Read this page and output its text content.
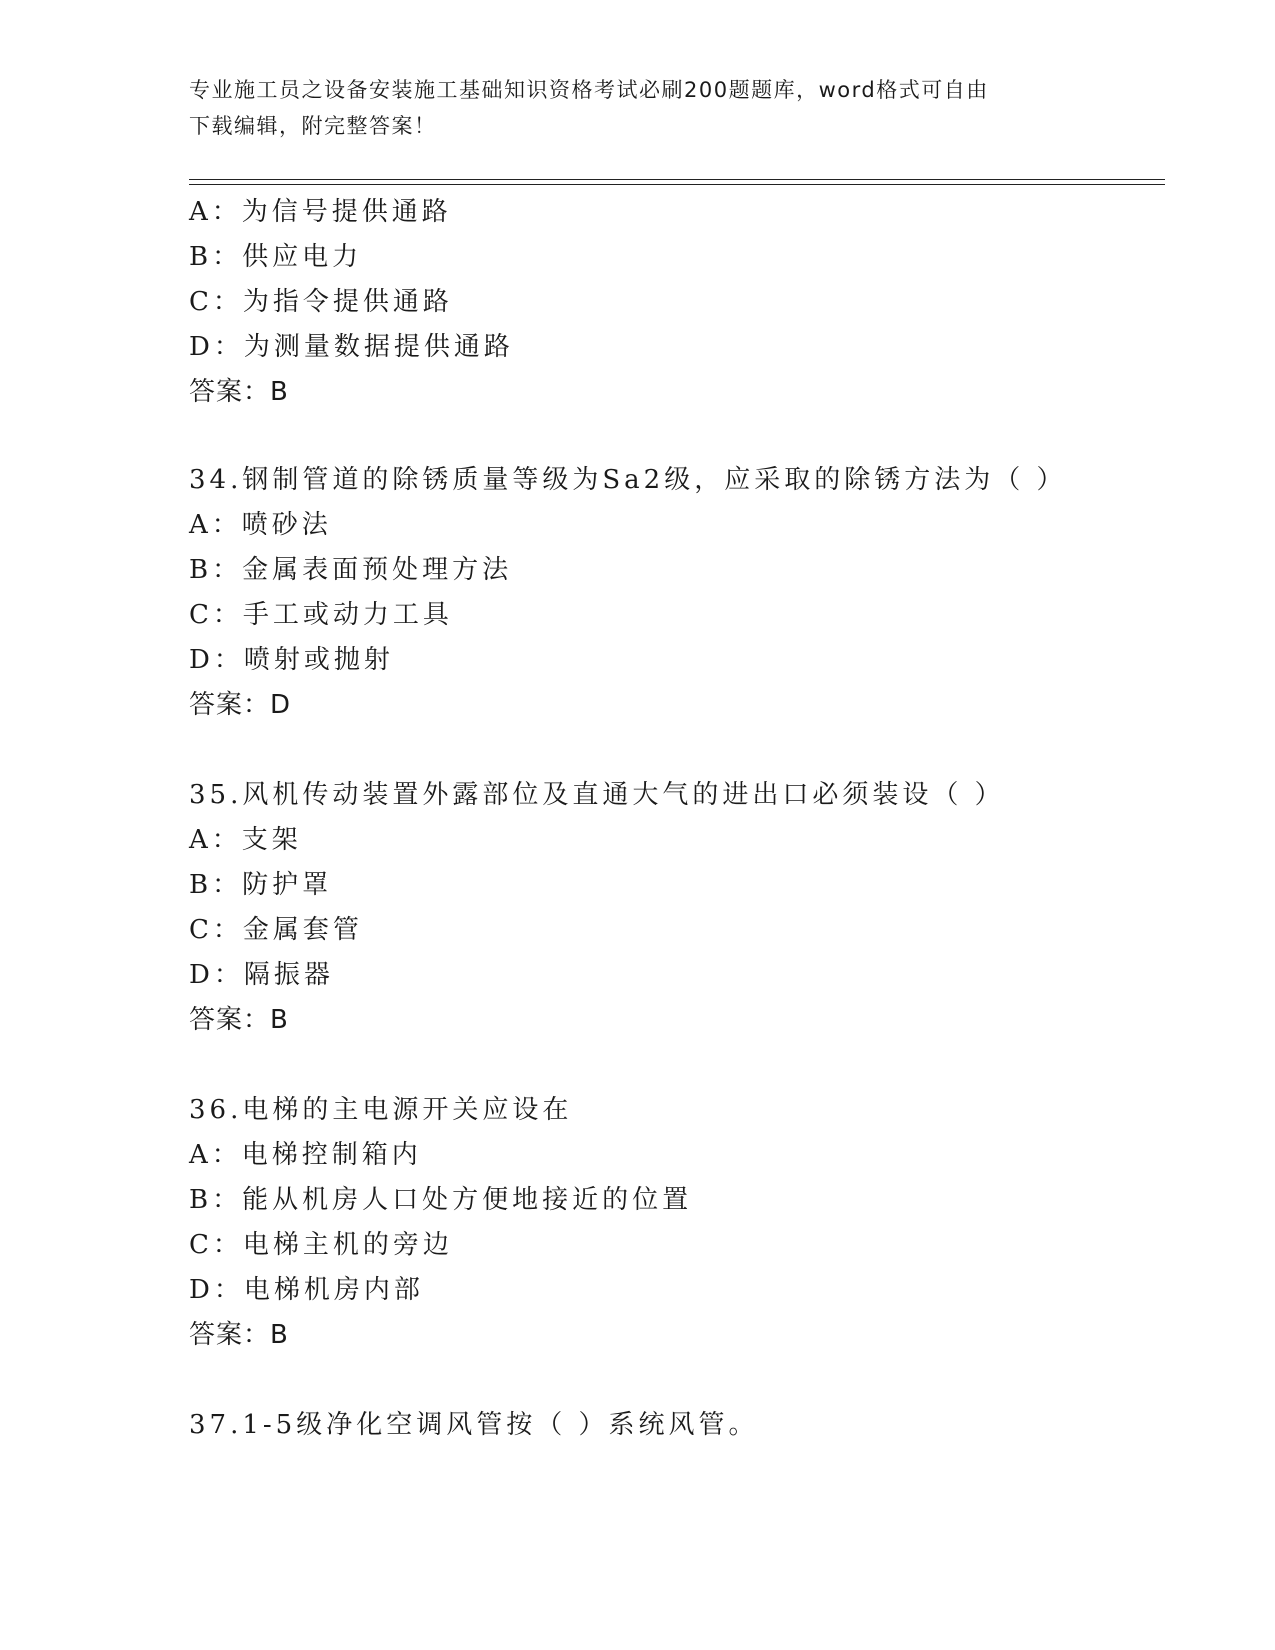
专业施工员之设备安装施工基础知识资格考试必刷200题题库，word格式可自由
下载编辑，附完整答案！
A：为信号提供通路
B：供应电力
C：为指令提供通路
D：为测量数据提供通路
答案：B
34.钢制管道的除锈质量等级为Sa2级，应采取的除锈方法为（ ）
A：喷砂法
B：金属表面预处理方法
C：手工或动力工具
D：喷射或抛射
答案：D
35.风机传动装置外露部位及直通大气的进出口必须装设（ ）
A：支架
B：防护罩
C：金属套管
D：隔振器
答案：B
36.电梯的主电源开关应设在
A：电梯控制箱内
B：能从机房人口处方便地接近的位置
C：电梯主机的旁边
D：电梯机房内部
答案：B
37.1-5级净化空调风管按（ ）系统风管。
